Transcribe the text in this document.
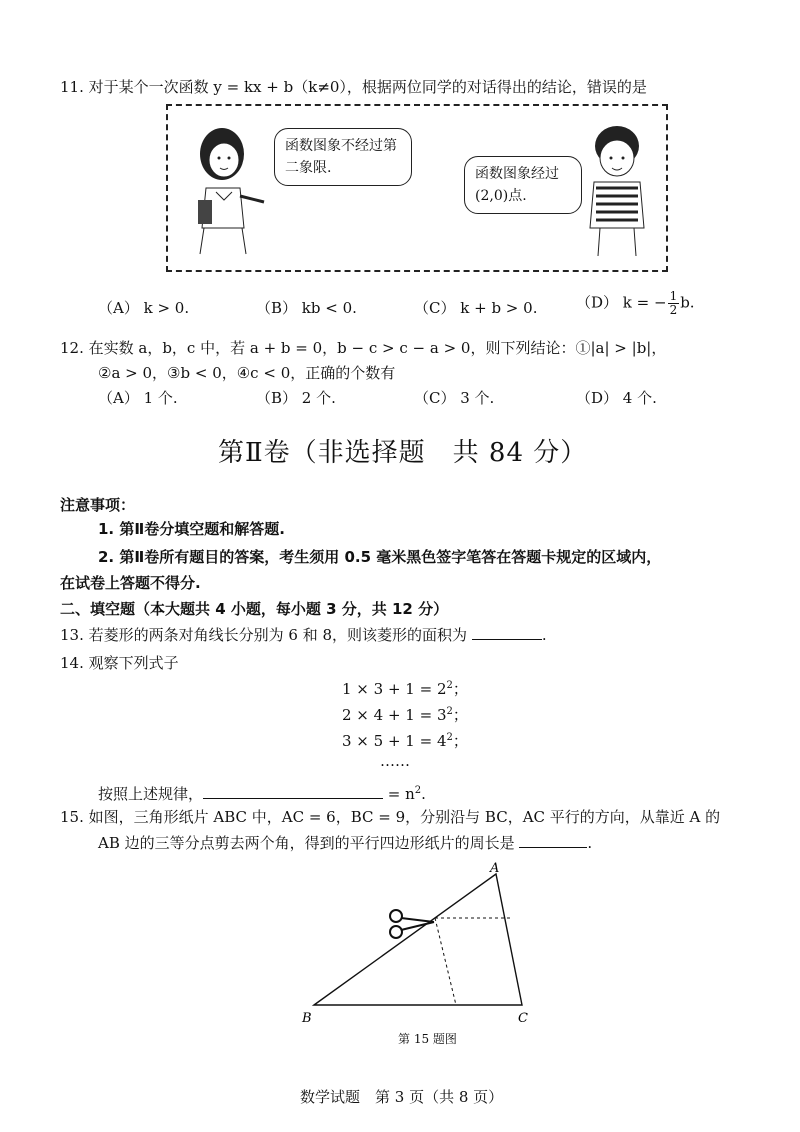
11. 对于某个一次函数 y = kx + b（k≠0），根据两位同学的对话得出的结论，错误的是
函数图象不经过第二象限.	函数图象经过(2,0)点.
（A） k > 0.	（B） kb < 0.	（C） k + b > 0.	（D） k = − $\frac{1}{2} b$.
12. 在实数 a，b，c 中，若 a + b = 0，b − c > c − a > 0，则下列结论：①|a| > |b|，
②a > 0，③b < 0，④c < 0，正确的个数有
（A） 1 个.	（B） 2 个.	（C） 3 个.	（D） 4 个.
第Ⅱ卷（非选择题　共 84 分）
注意事项：
1. 第Ⅱ卷分填空题和解答题.
2. 第Ⅱ卷所有题目的答案，考生须用 0.5 毫米黑色签字笔答在答题卡规定的区域内，
在试卷上答题不得分.
二、填空题（本大题共 4 小题，每小题 3 分，共 12 分）
13. 若菱形的两条对角线长分别为 6 和 8，则该菱形的面积为	.
14. 观察下列式子
$1 \times 3 + 1 = 2^2$；
$2 \times 4 + 1 = 3^2$；
$3 \times 5 + 1 = 4^2$；
……
按照上述规律，	= $n^2$.
15. 如图，三角形纸片 ABC 中，AC = 6，BC = 9，分别沿与 BC，AC 平行的方向，从靠近 A 的
AB 边的三等分点剪去两个角，得到的平行四边形纸片的周长是	.
A
B	C
第 15 题图
数学试题　第 3 页（共 8 页）
